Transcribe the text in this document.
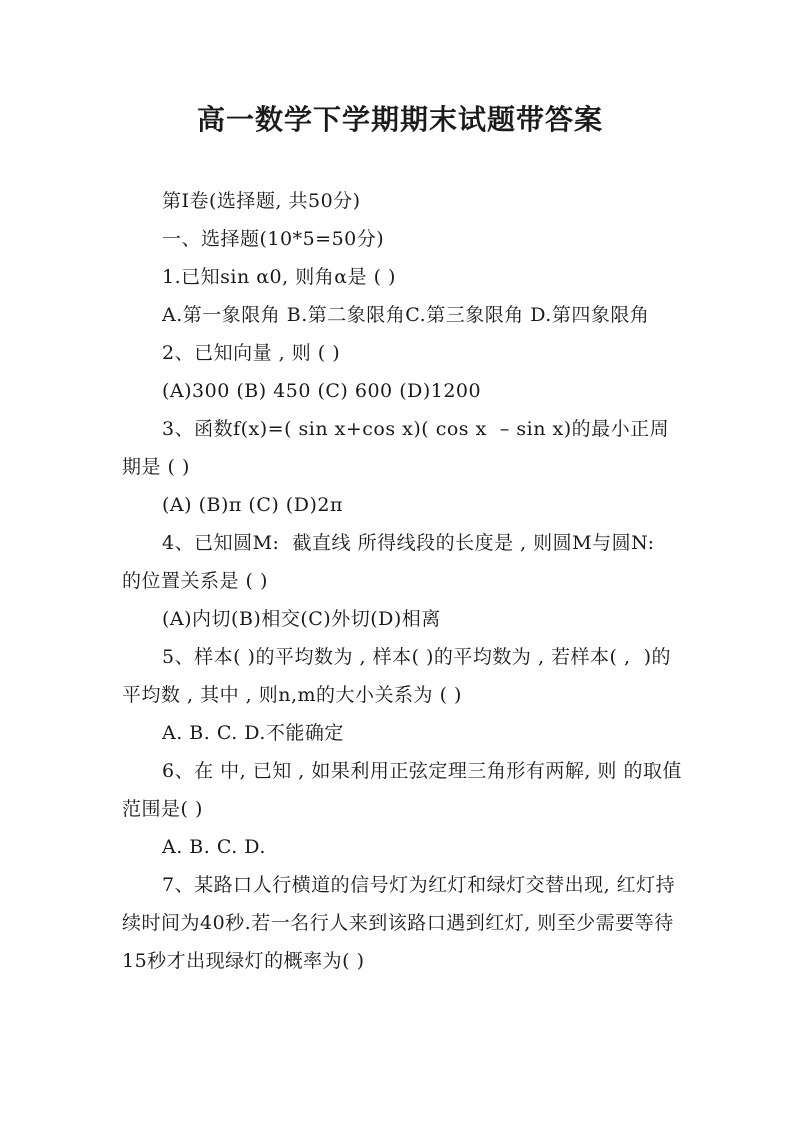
高一数学下学期期末试题带答案

第Ⅰ卷(选择题, 共50分)

一、选择题(10*5=50分)

1.已知sin α0, 则角α是 ( )

A.第一象限角 B.第二象限角C.第三象限角 D.第四象限角

2、已知向量 , 则 ( )

(A)300 (B) 450 (C) 600 (D)1200

3、函数f(x)=( sin x+cos x)( cos x  – sin x)的最小正周期是 ( )

(A) (B)π (C) (D)2π

4、已知圆M:  截直线 所得线段的长度是 , 则圆M与圆N:  的位置关系是 ( )

(A)内切(B)相交(C)外切(D)相离

5、样本( )的平均数为 , 样本( )的平均数为 , 若样本( ,  )的平均数 , 其中 , 则n,m的大小关系为 ( )

A. B. C. D.不能确定

6、在 中, 已知 , 如果利用正弦定理三角形有两解, 则 的取值范围是( )

A. B. C. D.

7、某路口人行横道的信号灯为红灯和绿灯交替出现, 红灯持续时间为40秒.若一名行人来到该路口遇到红灯, 则至少需要等待15秒才出现绿灯的概率为( )
